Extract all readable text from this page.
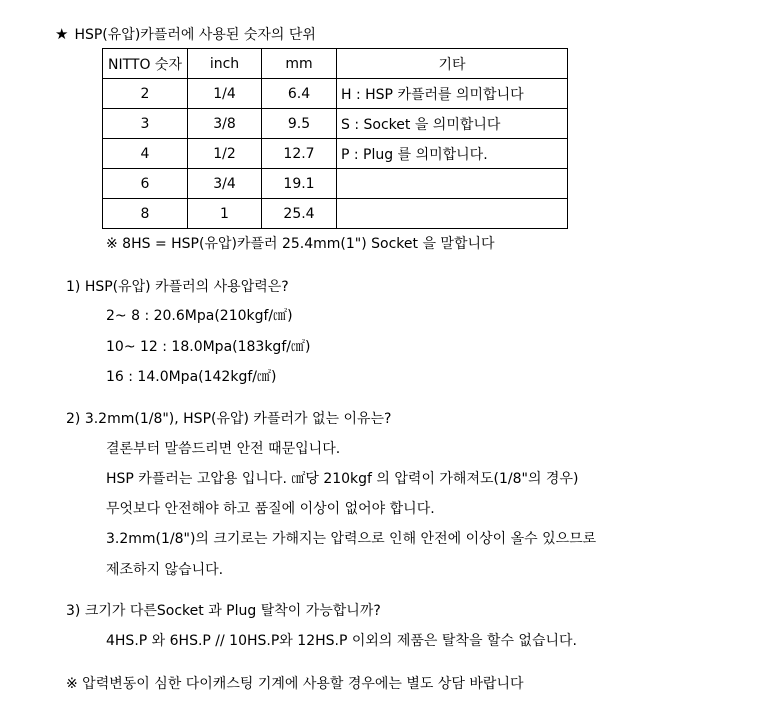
★ HSP(유압)카플러에 사용된 숫자의 단위
NITTO 숫자	inch	mm	기타
2	1/4	6.4	H : HSP 카플러를 의미합니다
3	3/8	9.5	S : Socket 을 의미합니다
4	1/2	12.7	P : Plug 를 의미합니다.
6	3/4	19.1	
8	1	25.4	
※ 8HS = HSP(유압)카플러 25.4mm(1") Socket 을 말합니다
1) HSP(유압) 카플러의 사용압력은?
2~ 8 : 20.6Mpa(210kgf/㎠)
10~ 12 : 18.0Mpa(183kgf/㎠)
16 : 14.0Mpa(142kgf/㎠)
2) 3.2mm(1/8"), HSP(유압) 카플러가 없는 이유는?
결론부터 말씀드리면 안전 때문입니다.
HSP 카플러는 고압용 입니다. ㎠당 210kgf 의 압력이 가해져도(1/8"의 경우)
무엇보다 안전해야 하고 품질에 이상이 없어야 합니다.
3.2mm(1/8")의 크기로는 가해지는 압력으로 인해 안전에 이상이 올수 있으므로
제조하지 않습니다.
3) 크기가 다른Socket 과 Plug 탈착이 가능합니까?
4HS.P 와 6HS.P // 10HS.P와 12HS.P 이외의 제품은 탈착을 할수 없습니다.
※ 압력변동이 심한 다이캐스팅 기계에 사용할 경우에는 별도 상담 바랍니다
